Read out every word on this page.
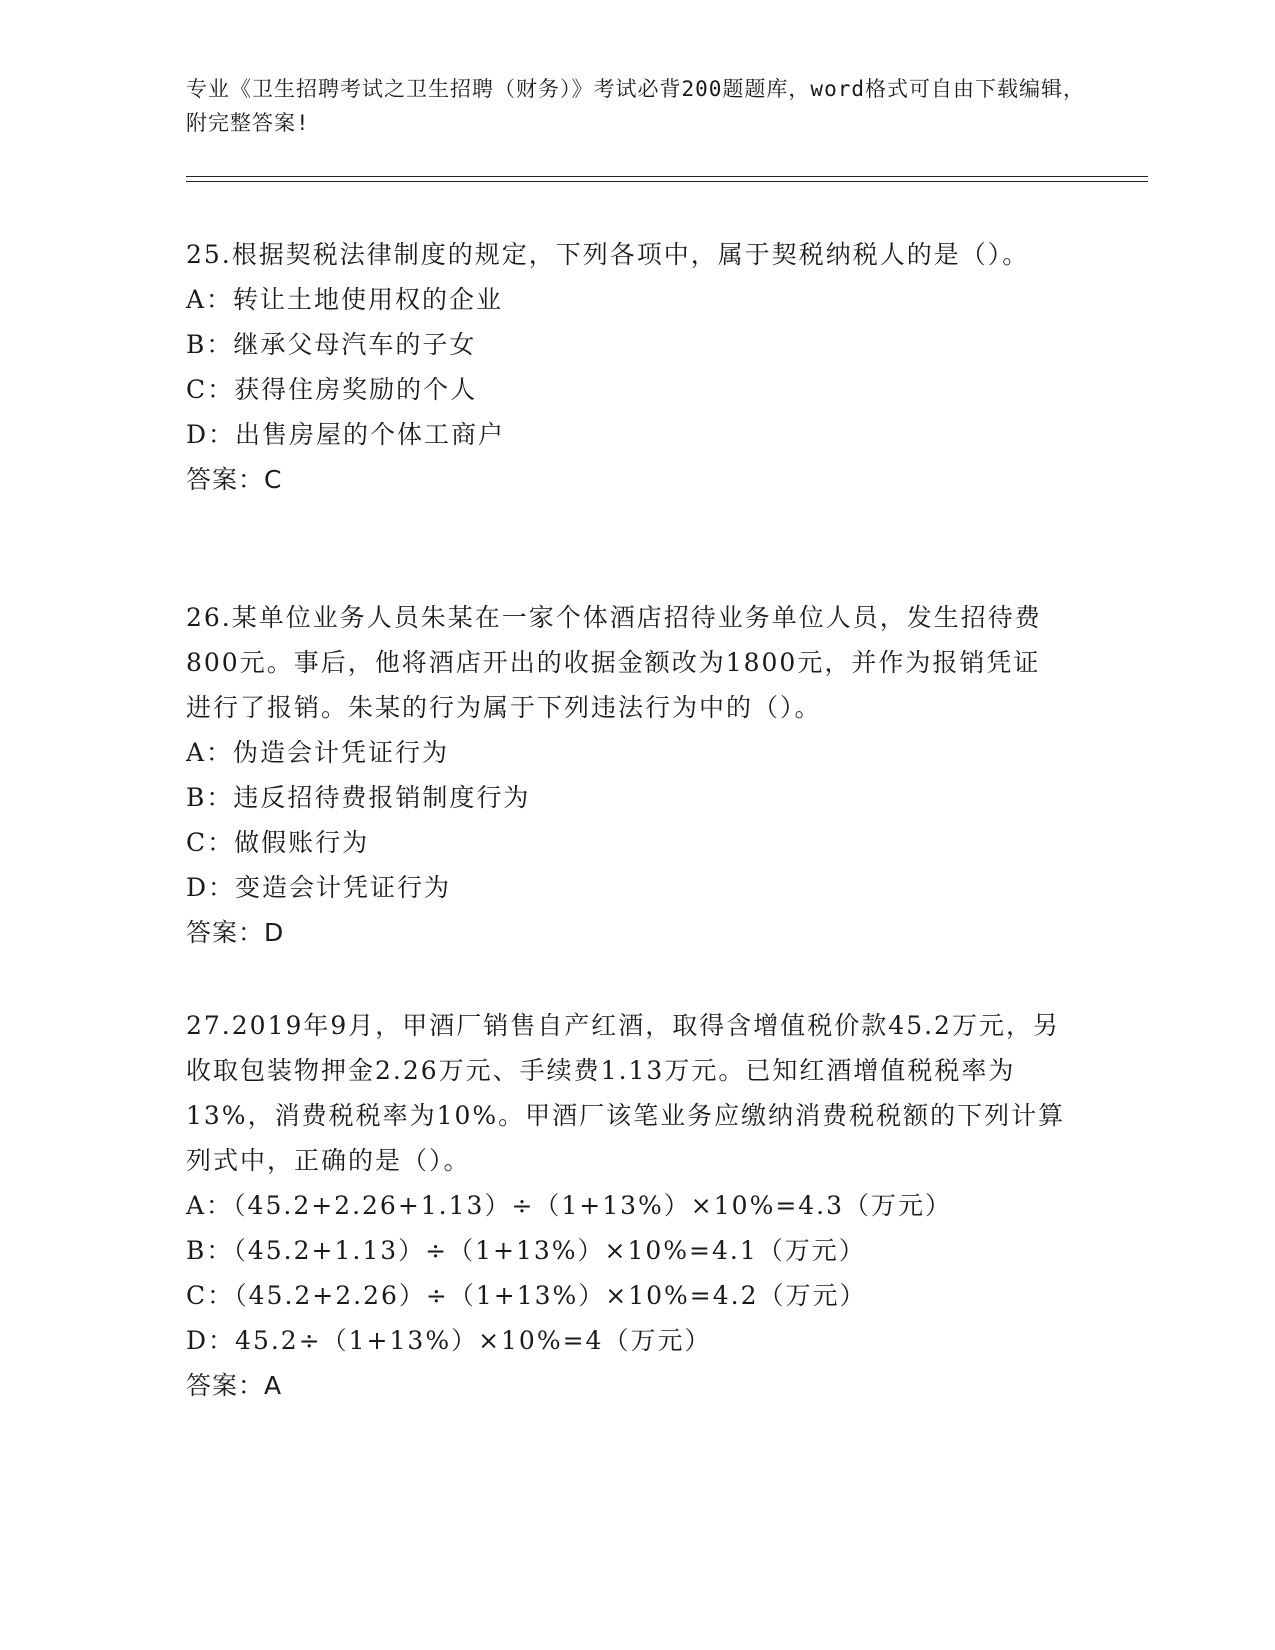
专业《卫生招聘考试之卫生招聘（财务）》考试必背200题题库，word格式可自由下载编辑，附完整答案!

25.根据契税法律制度的规定，下列各项中，属于契税纳税人的是（）。

A：转让土地使用权的企业

B：继承父母汽车的子女

C：获得住房奖励的个人

D：出售房屋的个体工商户

答案：C

26.某单位业务人员朱某在一家个体酒店招待业务单位人员，发生招待费800元。事后，他将酒店开出的收据金额改为1800元，并作为报销凭证进行了报销。朱某的行为属于下列违法行为中的（）。

A：伪造会计凭证行为

B：违反招待费报销制度行为

C：做假账行为

D：变造会计凭证行为

答案：D

27.2019年9月，甲酒厂销售自产红酒，取得含增值税价款45.2万元，另收取包装物押金2.26万元、手续费1.13万元。已知红酒增值税税率为13%，消费税税率为10%。甲酒厂该笔业务应缴纳消费税税额的下列计算列式中，正确的是（）。

A：（45.2+2.26+1.13）÷（1+13%）×10%=4.3（万元）

B：（45.2+1.13）÷（1+13%）×10%=4.1（万元）

C：（45.2+2.26）÷（1+13%）×10%=4.2（万元）

D：45.2÷（1+13%）×10%=4（万元）

答案：A
